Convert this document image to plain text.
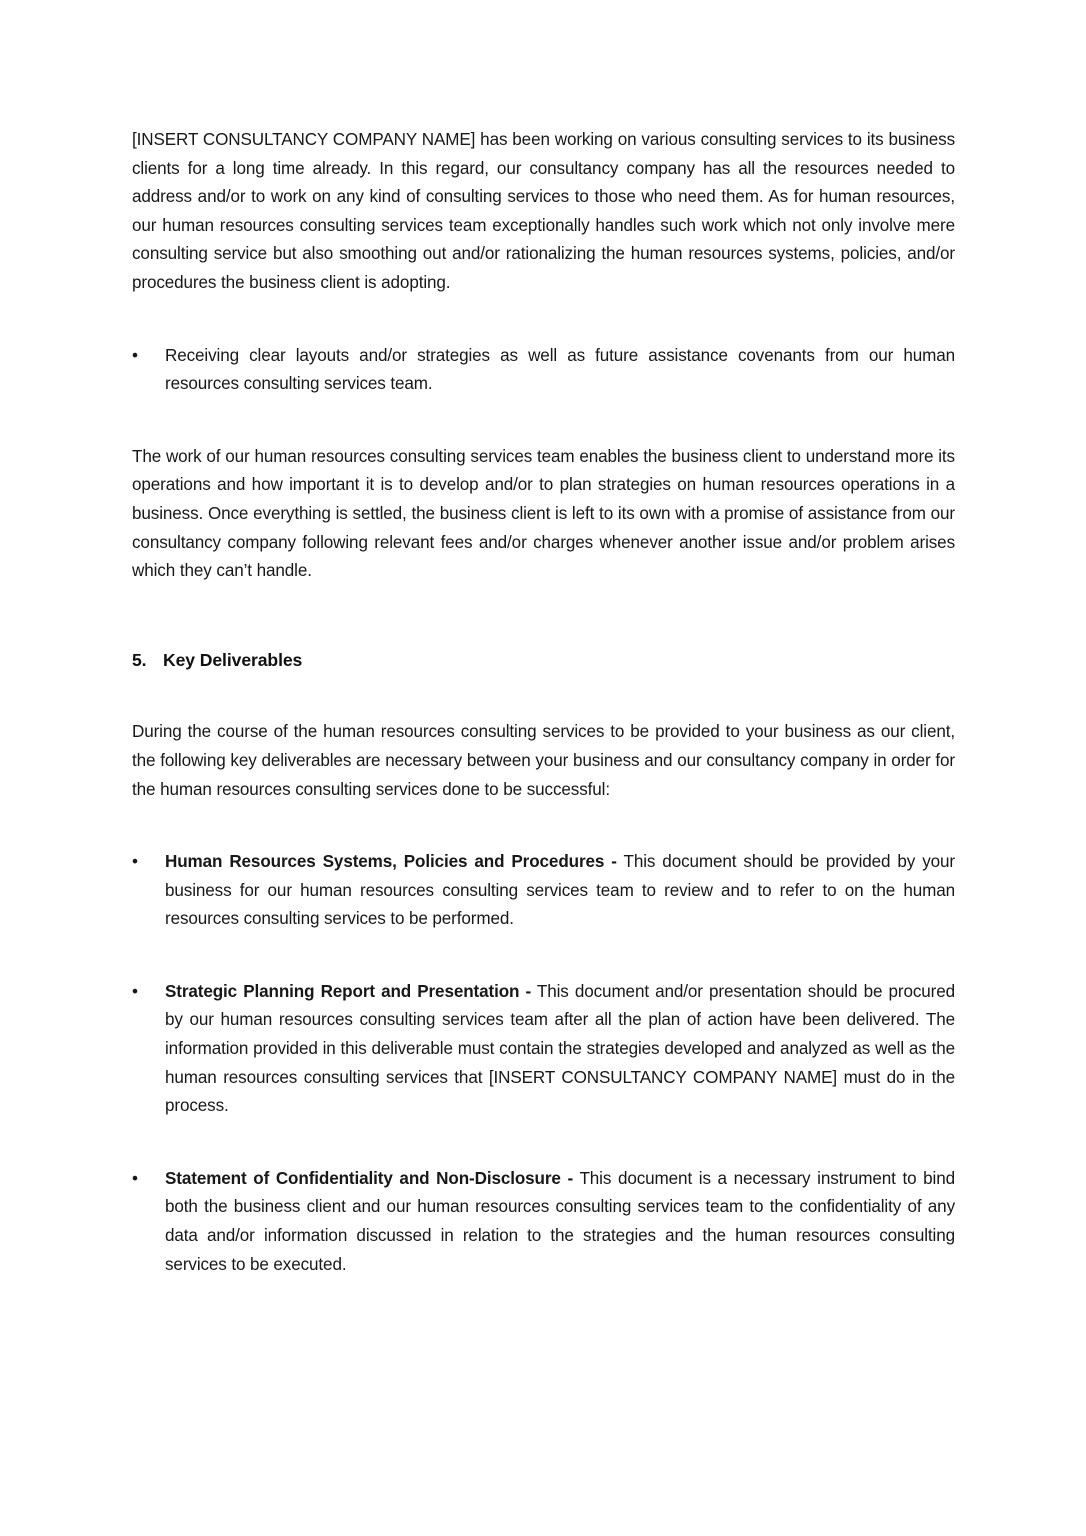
[INSERT CONSULTANCY COMPANY NAME] has been working on various consulting services to its business clients for a long time already. In this regard, our consultancy company has all the resources needed to address and/or to work on any kind of consulting services to those who need them. As for human resources, our human resources consulting services team exceptionally handles such work which not only involve mere consulting service but also smoothing out and/or rationalizing the human resources systems, policies, and/or procedures the business client is adopting.

•	Receiving clear layouts and/or strategies as well as future assistance covenants from our human resources consulting services team.

The work of our human resources consulting services team enables the business client to understand more its operations and how important it is to develop and/or to plan strategies on human resources operations in a business. Once everything is settled, the business client is left to its own with a promise of assistance from our consultancy company following relevant fees and/or charges whenever another issue and/or problem arises which they can’t handle.

5. Key Deliverables

During the course of the human resources consulting services to be provided to your business as our client, the following key deliverables are necessary between your business and our consultancy company in order for the human resources consulting services done to be successful:

•	Human Resources Systems, Policies and Procedures - This document should be provided by your business for our human resources consulting services team to review and to refer to on the human resources consulting services to be performed.
•	Strategic Planning Report and Presentation - This document and/or presentation should be procured by our human resources consulting services team after all the plan of action have been delivered. The information provided in this deliverable must contain the strategies developed and analyzed as well as the human resources consulting services that [INSERT CONSULTANCY COMPANY NAME] must do in the process.
•	Statement of Confidentiality and Non-Disclosure - This document is a necessary instrument to bind both the business client and our human resources consulting services team to the confidentiality of any data and/or information discussed in relation to the strategies and the human resources consulting services to be executed.
